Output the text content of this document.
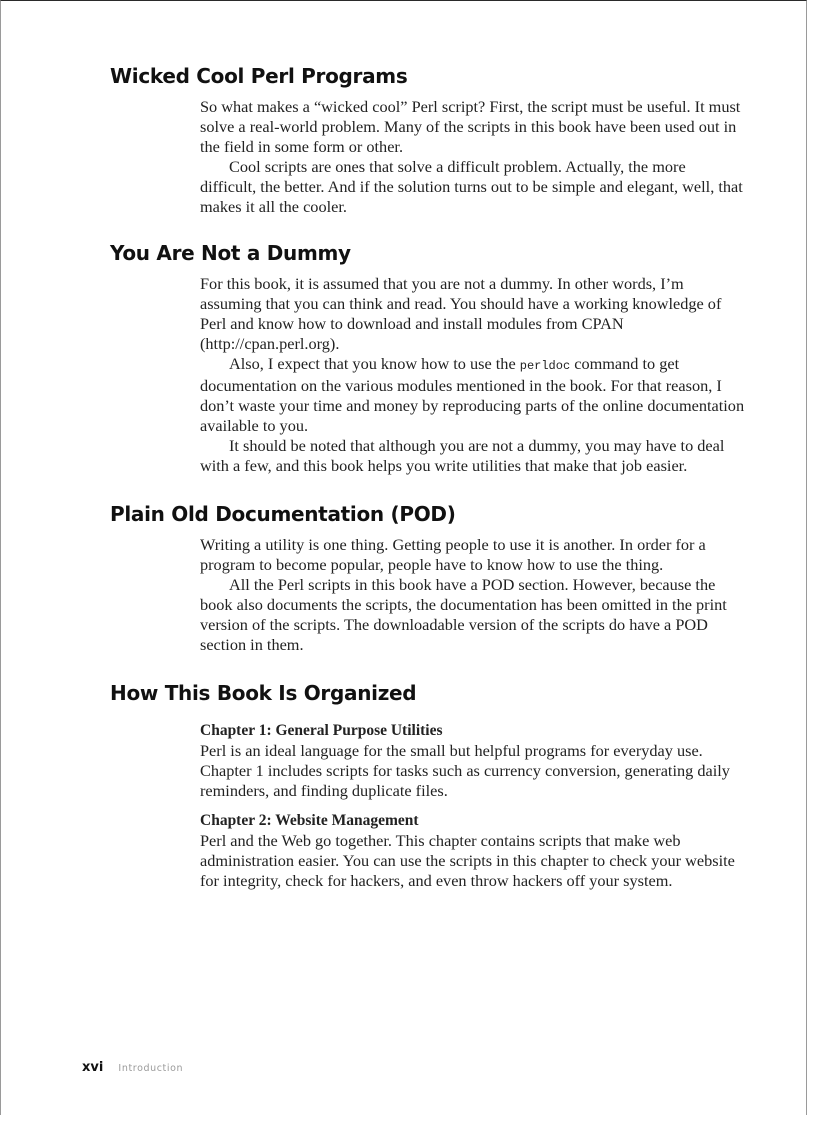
Wicked Cool Perl Programs

So what makes a “wicked cool” Perl script? First, the script must be useful. It must solve a real-world problem. Many of the scripts in this book have been used out in the field in some form or other.

Cool scripts are ones that solve a difficult problem. Actually, the more difficult, the better. And if the solution turns out to be simple and elegant, well, that makes it all the cooler.

You Are Not a Dummy

For this book, it is assumed that you are not a dummy. In other words, I’m assuming that you can think and read. You should have a working knowledge of Perl and know how to download and install modules from CPAN (http://cpan.perl.org).

Also, I expect that you know how to use the perldoc command to get documentation on the various modules mentioned in the book. For that reason, I don’t waste your time and money by reproducing parts of the online documentation available to you.

It should be noted that although you are not a dummy, you may have to deal with a few, and this book helps you write utilities that make that job easier.

Plain Old Documentation (POD)

Writing a utility is one thing. Getting people to use it is another. In order for a program to become popular, people have to know how to use the thing.

All the Perl scripts in this book have a POD section. However, because the book also documents the scripts, the documentation has been omitted in the print version of the scripts. The downloadable version of the scripts do have a POD section in them.

How This Book Is Organized
Chapter 1: General Purpose Utilities

Perl is an ideal language for the small but helpful programs for everyday use. Chapter 1 includes scripts for tasks such as currency conversion, generating daily reminders, and finding duplicate files.

Chapter 2: Website Management

Perl and the Web go together. This chapter contains scripts that make web administration easier. You can use the scripts in this chapter to check your website for integrity, check for hackers, and even throw hackers off your system.

xvi Introduction
